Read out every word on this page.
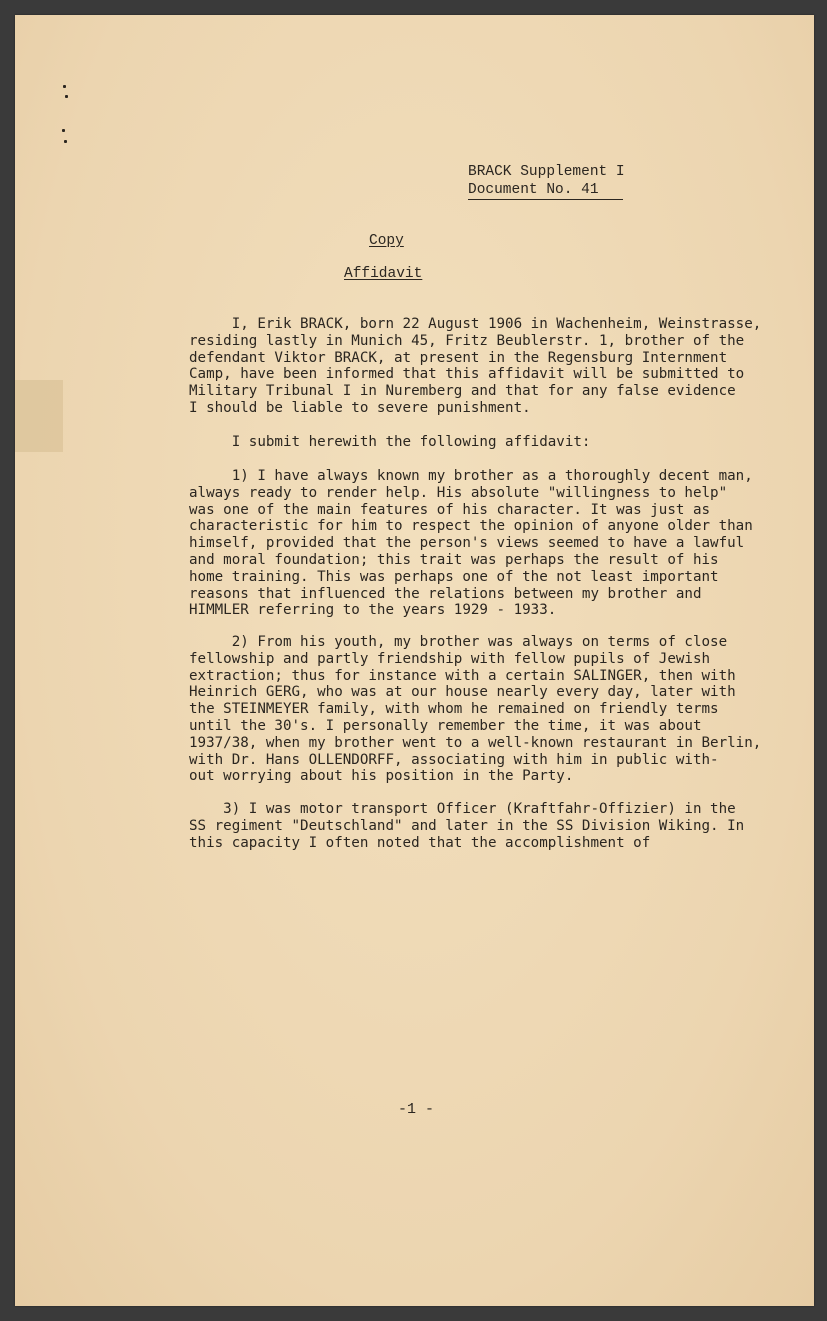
BRACK Supplement I
Document No. 41
Copy
Affidavit
I, Erik BRACK, born 22 August 1906 in Wachenheim, Weinstrasse,
residing lastly in Munich 45, Fritz Beublerstr. 1, brother of the
defendant Viktor BRACK, at present in the Regensburg Internment
Camp, have been informed that this affidavit will be submitted to
Military Tribunal I in Nuremberg and that for any false evidence
I should be liable to severe punishment.
I submit herewith the following affidavit:
1) I have always known my brother as a thoroughly decent man,
always ready to render help. His absolute "willingness to help"
was one of the main features of his character. It was just as
characteristic for him to respect the opinion of anyone older than
himself, provided that the person's views seemed to have a lawful
and moral foundation; this trait was perhaps the result of his
home training. This was perhaps one of the not least important
reasons that influenced the relations between my brother and
HIMMLER referring to the years 1929 - 1933.
2) From his youth, my brother was always on terms of close
fellowship and partly friendship with fellow pupils of Jewish
extraction; thus for instance with a certain SALINGER, then with
Heinrich GERG, who was at our house nearly every day, later with
the STEINMEYER family, with whom he remained on friendly terms
until the 30's. I personally remember the time, it was about
1937/38, when my brother went to a well-known restaurant in Berlin,
with Dr. Hans OLLENDORFF, associating with him in public with-
out worrying about his position in the Party.
3) I was motor transport Officer (Kraftfahr-Offizier) in the
SS regiment "Deutschland" and later in the SS Division Wiking. In
this capacity I often noted that the accomplishment of
-1 -
